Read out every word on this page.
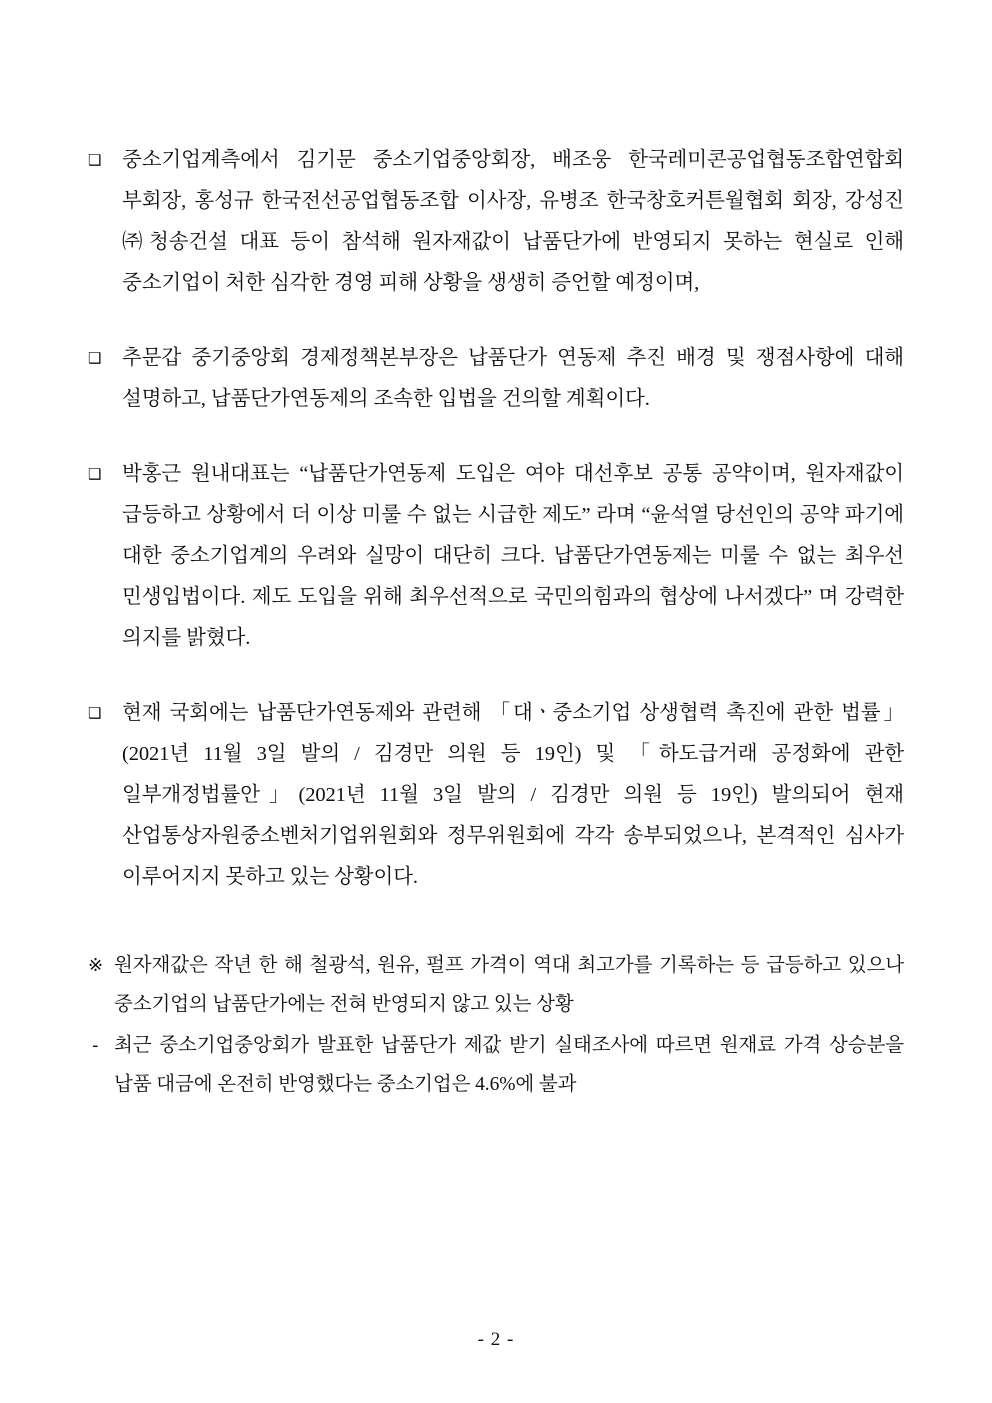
❑	중소기업계측에서 김기문 중소기업중앙회장, 배조웅 한국레미콘공업협동조합연합회 부회장, 홍성규 한국전선공업협동조합 이사장, 유병조 한국창호커튼월협회 회장, 강성진 ㈜청송건설 대표 등이 참석해 원자재값이 납품단가에 반영되지 못하는 현실로 인해 중소기업이 처한 심각한 경영 피해 상황을 생생히 증언할 예정이며,

❑	추문갑 중기중앙회 경제정책본부장은 납품단가 연동제 추진 배경 및 쟁점사항에 대해 설명하고, 납품단가연동제의 조속한 입법을 건의할 계획이다.

❑	박홍근 원내대표는 “납품단가연동제 도입은 여야 대선후보 공통 공약이며, 원자재값이 급등하고 상황에서 더 이상 미룰 수 없는 시급한 제도” 라며 “윤석열 당선인의 공약 파기에 대한 중소기업계의 우려와 실망이 대단히 크다. 납품단가연동제는 미룰 수 없는 최우선 민생입법이다. 제도 도입을 위해 최우선적으로 국민의힘과의 협상에 나서겠다” 며 강력한 의지를 밝혔다.

❑	현재 국회에는 납품단가연동제와 관련해 「대ㆍ중소기업 상생협력 촉진에 관한 법률」(2021년 11월 3일 발의 / 김경만 의원 등 19인) 및 「하도급거래 공정화에 관한 일부개정법률안」(2021년 11월 3일 발의 / 김경만 의원 등 19인) 발의되어 현재 산업통상자원중소벤처기업위원회와 정무위원회에 각각 송부되었으나, 본격적인 심사가 이루어지지 못하고 있는 상황이다.

※ 원자재값은 작년 한 해 철광석, 원유, 펄프 가격이 역대 최고가를 기록하는 등 급등하고 있으나 중소기업의 납품단가에는 전혀 반영되지 않고 있는 상황

- 최근 중소기업중앙회가 발표한 납품단가 제값 받기 실태조사에 따르면 원재료 가격 상승분을 납품 대금에 온전히 반영했다는 중소기업은 4.6%에 불과

- 2 -
